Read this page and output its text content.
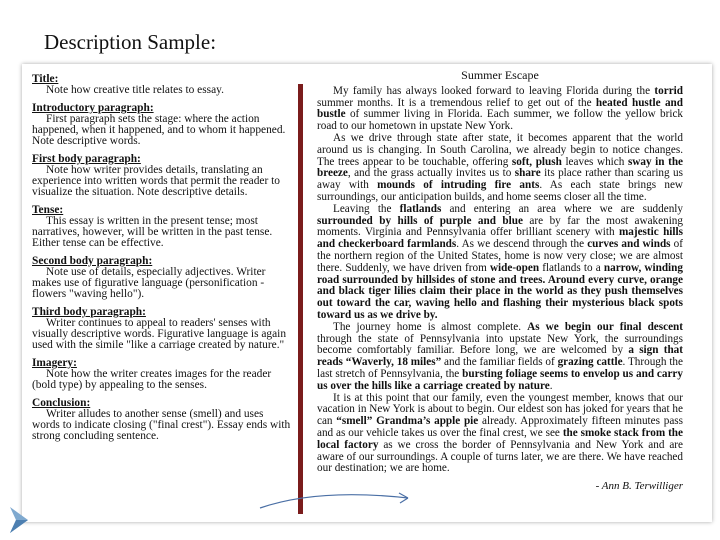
Description Sample:
Title:
Note how creative title relates to essay.
Introductory paragraph:
First paragraph sets the stage: where the action happened, when it happened, and to whom it happened. Note descriptive words.
First body paragraph:
Note how writer provides details, translating an experience into written words that permit the reader to visualize the situation. Note descriptive details.
Tense:
This essay is written in the present tense; most narratives, however, will be written in the past tense. Either tense can be effective.
Second body paragraph:
Note use of details, especially adjectives. Writer makes use of figurative language (personification - flowers "waving hello").
Third body paragraph:
Writer continues to appeal to readers' senses with visually descriptive words. Figurative language is again used with the simile "like a carriage created by nature."
Imagery:
Note how the writer creates images for the reader (bold type) by appealing to the senses.
Conclusion:
Writer alludes to another sense (smell) and uses words to indicate closing ("final crest"). Essay ends with strong concluding sentence.
Summer Escape

My family has always looked forward to leaving Florida during the torrid summer months. It is a tremendous relief to get out of the heated hustle and bustle of summer living in Florida. Each summer, we follow the yellow brick road to our hometown in upstate New York.

As we drive through state after state, it becomes apparent that the world around us is changing. In South Carolina, we already begin to notice changes. The trees appear to be touchable, offering soft, plush leaves which sway in the breeze, and the grass actually invites us to share its place rather than scaring us away with mounds of intruding fire ants. As each state brings new surroundings, our anticipation builds, and home seems closer all the time.

Leaving the flatlands and entering an area where we are suddenly surrounded by hills of purple and blue are by far the most awakening moments. Virginia and Pennsylvania offer brilliant scenery with majestic hills and checkerboard farmlands. As we descend through the curves and winds of the northern region of the United States, home is now very close; we are almost there. Suddenly, we have driven from wide-open flatlands to a narrow, winding road surrounded by hillsides of stone and trees. Around every curve, orange and black tiger lilies claim their place in the world as they push themselves out toward the car, waving hello and flashing their mysterious black spots toward us as we drive by.

The journey home is almost complete. As we begin our final descent through the state of Pennsylvania into upstate New York, the surroundings become comfortably familiar. Before long, we are welcomed by a sign that reads “Waverly, 18 miles” and the familiar fields of grazing cattle. Through the last stretch of Pennsylvania, the bursting foliage seems to envelop us and carry us over the hills like a carriage created by nature.

It is at this point that our family, even the youngest member, knows that our vacation in New York is about to begin. Our eldest son has joked for years that he can “smell” Grandma’s apple pie already. Approximately fifteen minutes pass and as our vehicle takes us over the final crest, we see the smoke stack from the local factory as we cross the border of Pennsylvania and New York and are aware of our surroundings. A couple of turns later, we are there. We have reached our destination; we are home.

- Ann B. Terwilliger
